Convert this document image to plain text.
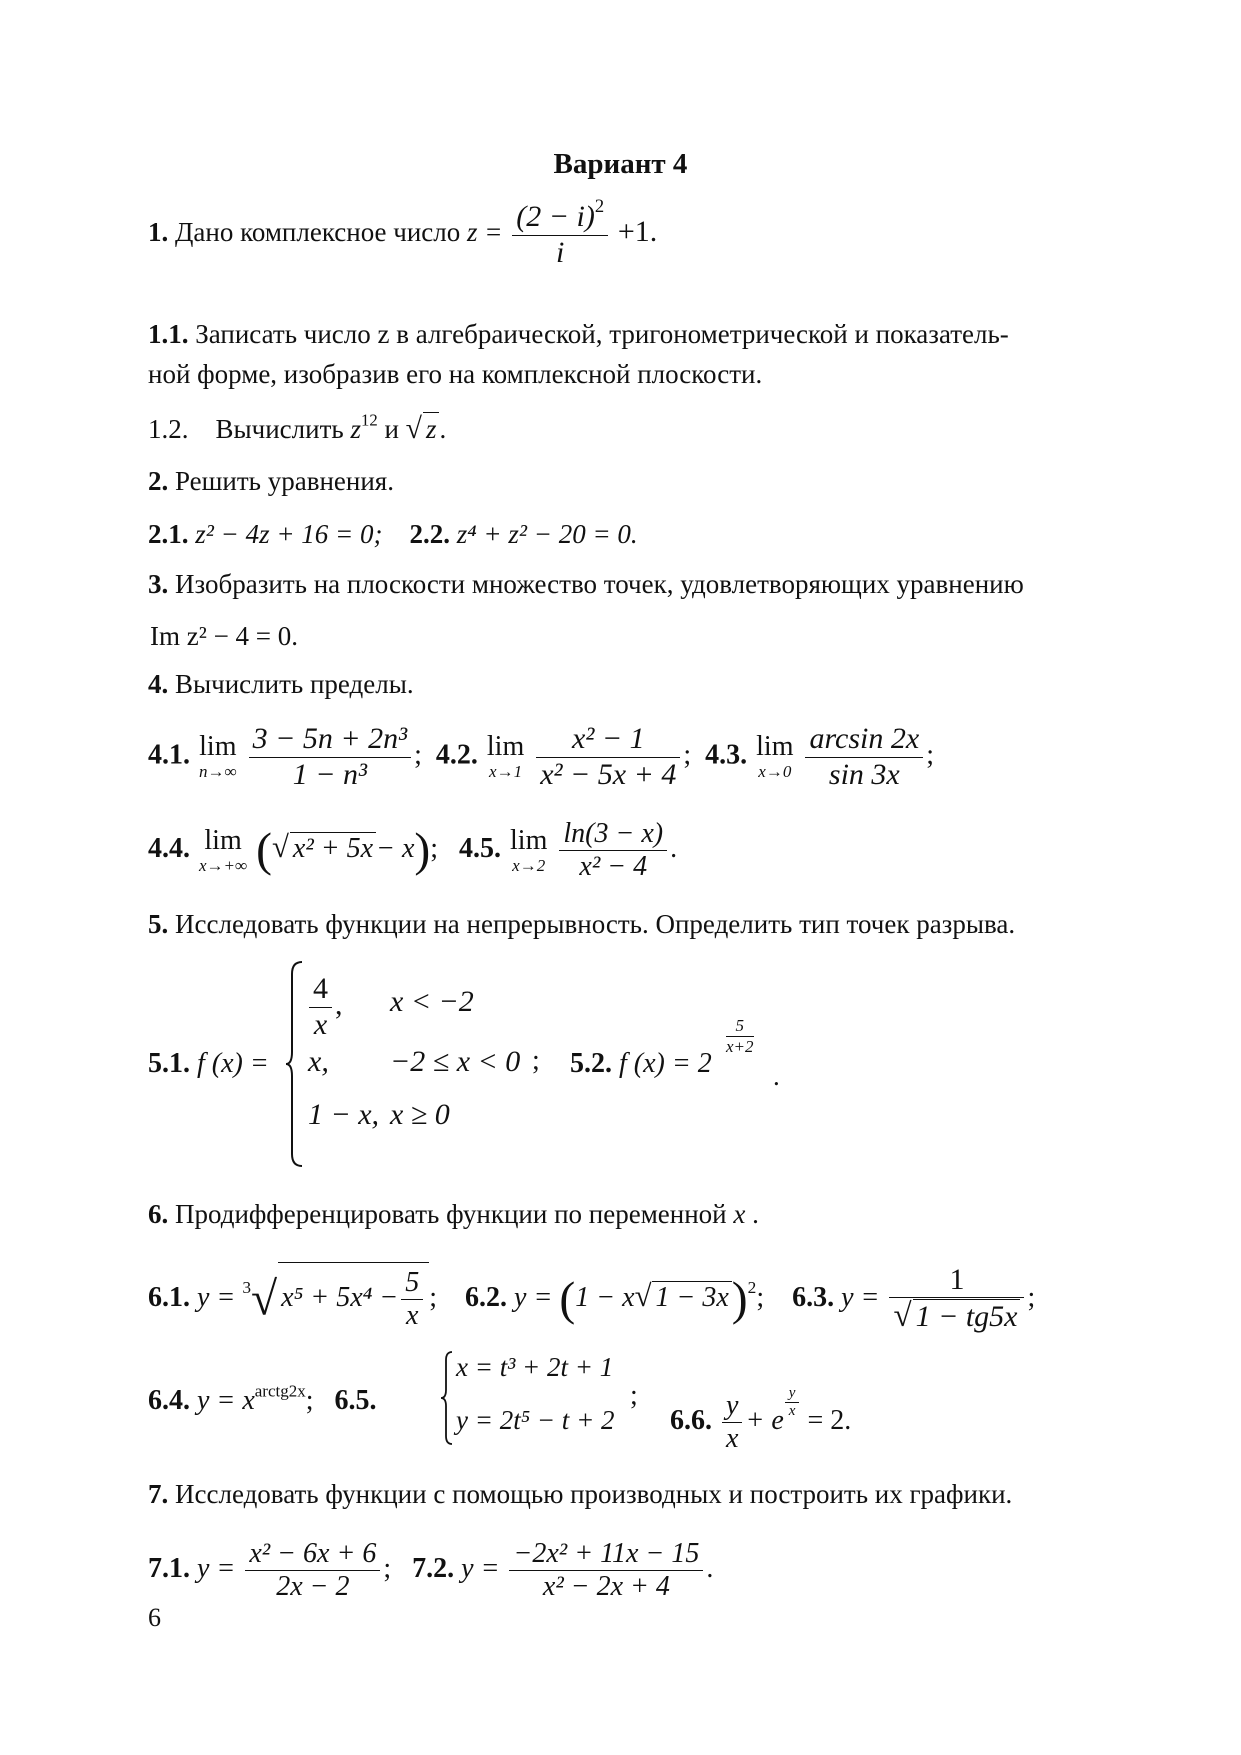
Вариант 4
1. Дано комплексное число $z = \frac{(2 - i)^2}{i} +1$.
1.1. Записать число z в алгебраической, тригонометрической и показатель-
ной форме, изобразив его на комплексной плоскости.
1.2. Вычислить $z^{12}$ и √ z .
2. Решить уравнения.
2.1. z² − 4z + 16 = 0; 2.2. z⁴ + z² − 20 = 0.
3. Изобразить на плоскости множество точек, удовлетворяющих уравнению
Im z² − 4 = 0.
4. Вычислить пределы.
4.1. lim
n→∞
$\frac{\text{3 − 5n + 2n³}}{\text{1 − n³}}$ ;  4.2. lim
x→1
$\frac{\text{x² − 1}}{\text{x² − 5x + 4}}$ ;  4.3. lim
x→0
$\frac{\arcsin 2x}{\sin 3x}$ ;
4.4. lim
x→+∞ (√ x² + 5x − x);   4.5. lim
x→2
$\frac{\ln(3 - x)}{\text{x² − 4}}$ .
5. Исследовать функции на непрерывность. Определить тип точек разрыва.
5.1. f (x) =
$\frac{4}{x}$ , x < −2
x, −2 ≤ x < 0
1 − x, x ≥ 0
; 5.2. f (x) = 2
5
x+2
.
6. Продифференцировать функции по переменной x .
6.1. y = $^3$√ $x^5 + 5x^4 - \frac{5}{x}$ ;    6.2. y = (1 − x√ 1 − 3x)$^2$;    6.3. $y = \frac{1}{√ 1 - tg5x}$ ;
6.4. $y = x^{arctg2x}$;   6.5.
x = t³ + 2t + 1
y = 2t⁵ − t + 2
;
6.6. $\frac{y}{x} + e \frac{y}{x} = 2$.
7. Исследовать функции с помощью производных и построить их графики.
7.1. $y = \frac{\text{x² − 6x + 6}}{2x - 2}$ ;   7.2. $y = \frac{\text{−2x² + 11x − 15}}{\text{x² − 2x + 4}}$ .
6
